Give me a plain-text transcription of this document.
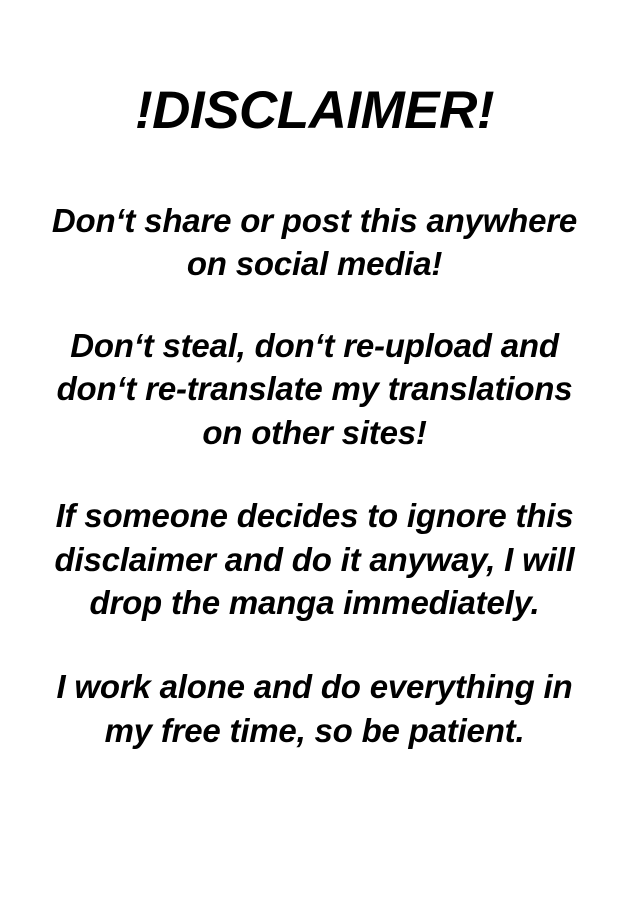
!DISCLAIMER!
Don‘t share or post this anywhere on social media!
Don‘t steal, don‘t re-upload and don‘t re-translate my translations on other sites!
If someone decides to ignore this disclaimer and do it anyway, I will drop the manga immediately.
I work alone and do everything in my free time, so be patient.
